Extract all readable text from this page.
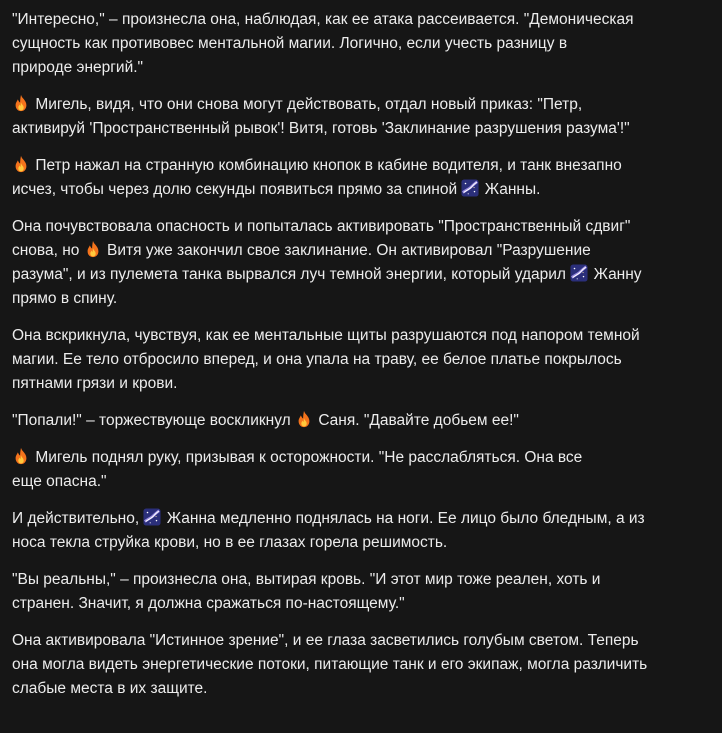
"Интересно," – произнесла она, наблюдая, как ее атака рассеивается. "Демоническая
сущность как противовес ментальной магии. Логично, если учесть разницу в
природе энергий."

Мигель, видя, что они снова могут действовать, отдал новый приказ: "Петр,
активируй 'Пространственный рывок'! Витя, готовь 'Заклинание разрушения разума'!"

Петр нажал на странную комбинацию кнопок в кабине водителя, и танк внезапно
исчез, чтобы через долю секунды появиться прямо за спиной Жанны.

Она почувствовала опасность и попыталась активировать "Пространственный сдвиг"
снова, но Витя уже закончил свое заклинание. Он активировал "Разрушение
разума", и из пулемета танка вырвался луч темной энергии, который ударил Жанну
прямо в спину.

Она вскрикнула, чувствуя, как ее ментальные щиты разрушаются под напором темной
магии. Ее тело отбросило вперед, и она упала на траву, ее белое платье покрылось
пятнами грязи и крови.

"Попали!" – торжествующе воскликнул Саня. "Давайте добьем ее!"

Мигель поднял руку, призывая к осторожности. "Не расслабляться. Она все
еще опасна."

И действительно, Жанна медленно поднялась на ноги. Ее лицо было бледным, а из
носа текла струйка крови, но в ее глазах горела решимость.

"Вы реальны," – произнесла она, вытирая кровь. "И этот мир тоже реален, хоть и
странен. Значит, я должна сражаться по-настоящему."

Она активировала "Истинное зрение", и ее глаза засветились голубым светом. Теперь
она могла видеть энергетические потоки, питающие танк и его экипаж, могла различить
слабые места в их защите.
